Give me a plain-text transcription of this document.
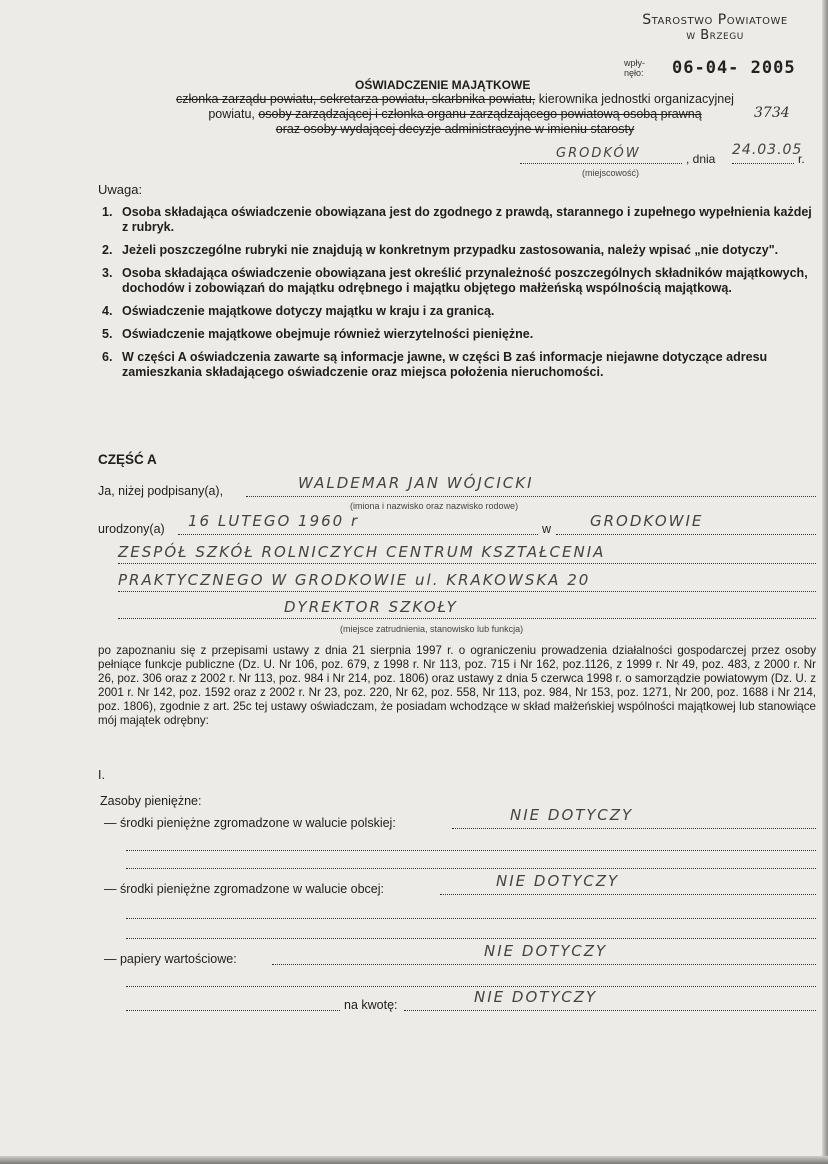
Starostwo Powiatowe
w Brzegu
wpły-
nęło: 06-04- 2005
OŚWIADCZENIE MAJĄTKOWE
członka zarządu powiatu, sekretarza powiatu, skarbnika powiatu, kierownika jednostki organizacyjnej
powiatu, osoby zarządzającej i członka organu zarządzającego powiatową osobą prawną
oraz osoby wydającej decyzje administracyjne w imieniu starosty
3734
GRODKÓW	, dnia
24.03.05
r.
(miejscowość)
Uwaga:
1. Osoba składająca oświadczenie obowiązana jest do zgodnego z prawdą, starannego i zupełnego wypełnienia każdej z rubryk.
2. Jeżeli poszczególne rubryki nie znajdują w konkretnym przypadku zastosowania, należy wpisać „nie dotyczy".
3. Osoba składająca oświadczenie obowiązana jest określić przynależność poszczególnych składników majątkowych, dochodów i zobowiązań do majątku odrębnego i majątku objętego małżeńską wspólnością majątkową.
4. Oświadczenie majątkowe dotyczy majątku w kraju i za granicą.
5. Oświadczenie majątkowe obejmuje również wierzytelności pieniężne.
6. W części A oświadczenia zawarte są informacje jawne, w części B zaś informacje niejawne dotyczące adresu zamieszkania składającego oświadczenie oraz miejsca położenia nieruchomości.
CZĘŚĆ A
Ja, niżej podpisany(a),	WALDEMAR JAN WÓJCICKI
(imiona i nazwisko oraz nazwisko rodowe)
urodzony(a) 16 LUTEGO 1960 r	w	GRODKOWIE
ZESPÓŁ SZKÓŁ ROLNICZYCH CENTRUM KSZTAŁCENIA
PRAKTYCZNEGO W GRODKOWIE ul. KRAKOWSKA 20
DYREKTOR SZKOŁY
(miejsce zatrudnienia, stanowisko lub funkcja)
po zapoznaniu się z przepisami ustawy z dnia 21 sierpnia 1997 r. o ograniczeniu prowadzenia działalności gospodarczej przez osoby pełniące funkcje publiczne (Dz. U. Nr 106, poz. 679, z 1998 r. Nr 113, poz. 715 i Nr 162, poz.1126, z 1999 r. Nr 49, poz. 483, z 2000 r. Nr 26, poz. 306 oraz z 2002 r. Nr 113, poz. 984 i Nr 214, poz. 1806) oraz ustawy z dnia 5 czerwca 1998 r. o samorządzie powiatowym (Dz. U. z 2001 r. Nr 142, poz. 1592 oraz z 2002 r. Nr 23, poz. 220, Nr 62, poz. 558, Nr 113, poz. 984, Nr 153, poz. 1271, Nr 200, poz. 1688 i Nr 214, poz. 1806), zgodnie z art. 25c tej ustawy oświadczam, że posiadam wchodzące w skład małżeńskiej wspólności majątkowej lub stanowiące mój majątek odrębny:
I.
Zasoby pieniężne:
— środki pieniężne zgromadzone w walucie polskiej:	NIE DOTYCZY
— środki pieniężne zgromadzone w walucie obcej:	NIE DOTYCZY
— papiery wartościowe:	NIE DOTYCZY
na kwotę:	NIE DOTYCZY
